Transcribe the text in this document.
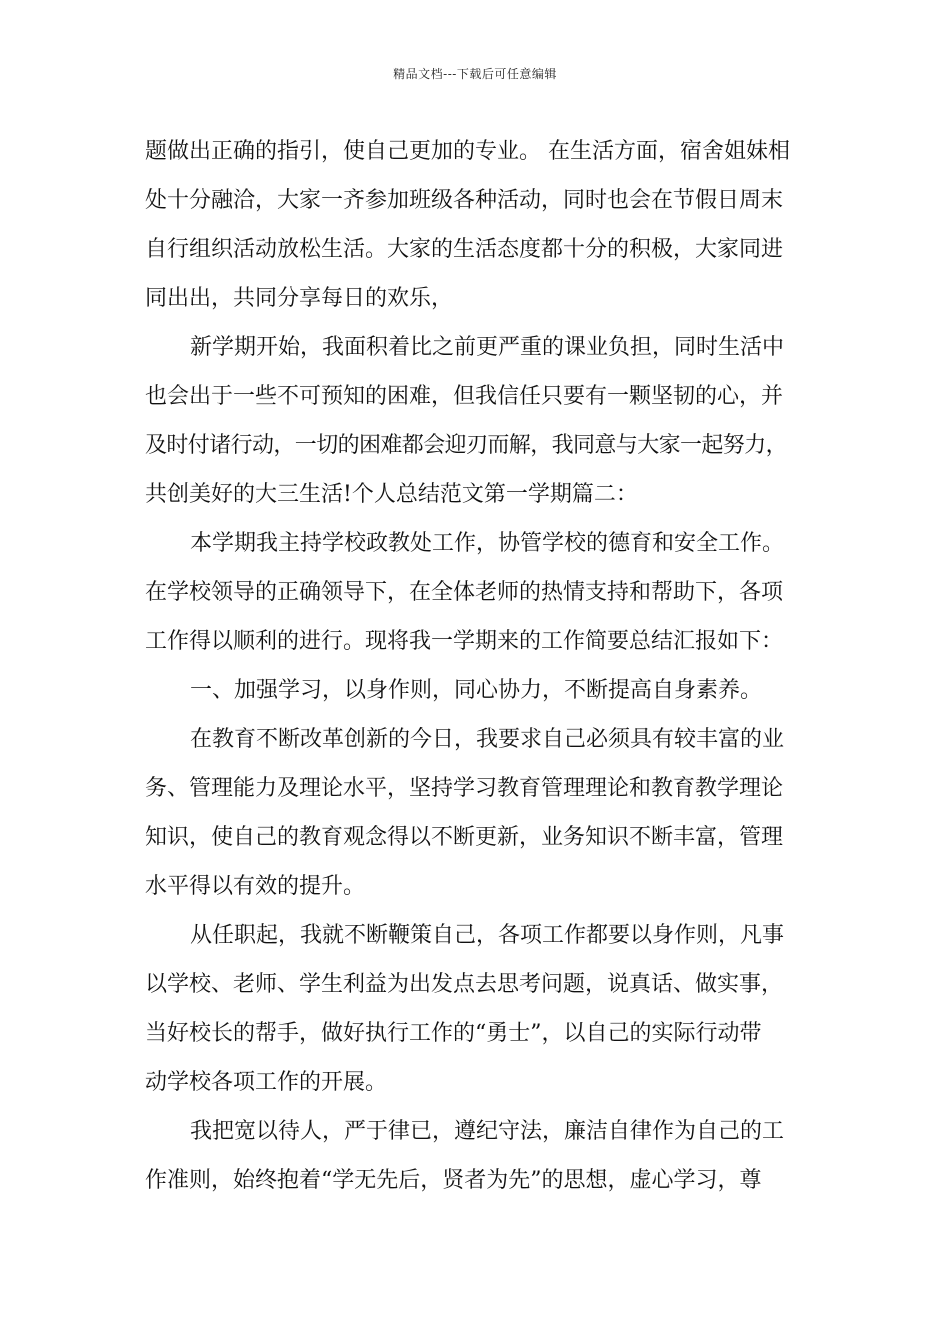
精品文档---下载后可任意编辑
题做出正确的指引，使自己更加的专业。 在生活方面，宿舍姐妹相
处十分融洽，大家一齐参加班级各种活动，同时也会在节假日周末
自行组织活动放松生活。大家的生活态度都十分的积极，大家同进
同出出，共同分享每日的欢乐，
新学期开始，我面积着比之前更严重的课业负担，同时生活中
也会出于一些不可预知的困难，但我信任只要有一颗坚韧的心，并
及时付诸行动，一切的困难都会迎刃而解，我同意与大家一起努力，
共创美好的大三生活!个人总结范文第一学期篇二：
本学期我主持学校政教处工作，协管学校的德育和安全工作。
在学校领导的正确领导下，在全体老师的热情支持和帮助下，各项
工作得以顺利的进行。现将我一学期来的工作简要总结汇报如下：
一、加强学习，以身作则，同心协力，不断提高自身素养。
在教育不断改革创新的今日，我要求自己必须具有较丰富的业
务、管理能力及理论水平，坚持学习教育管理理论和教育教学理论
知识，使自己的教育观念得以不断更新，业务知识不断丰富，管理
水平得以有效的提升。
从任职起，我就不断鞭策自己，各项工作都要以身作则，凡事
以学校、老师、学生利益为出发点去思考问题，说真话、做实事，
当好校长的帮手，做好执行工作的“勇士”，以自己的实际行动带
动学校各项工作的开展。
我把宽以待人，严于律已，遵纪守法，廉洁自律作为自己的工
作准则，始终抱着“学无先后，贤者为先”的思想，虚心学习，尊
